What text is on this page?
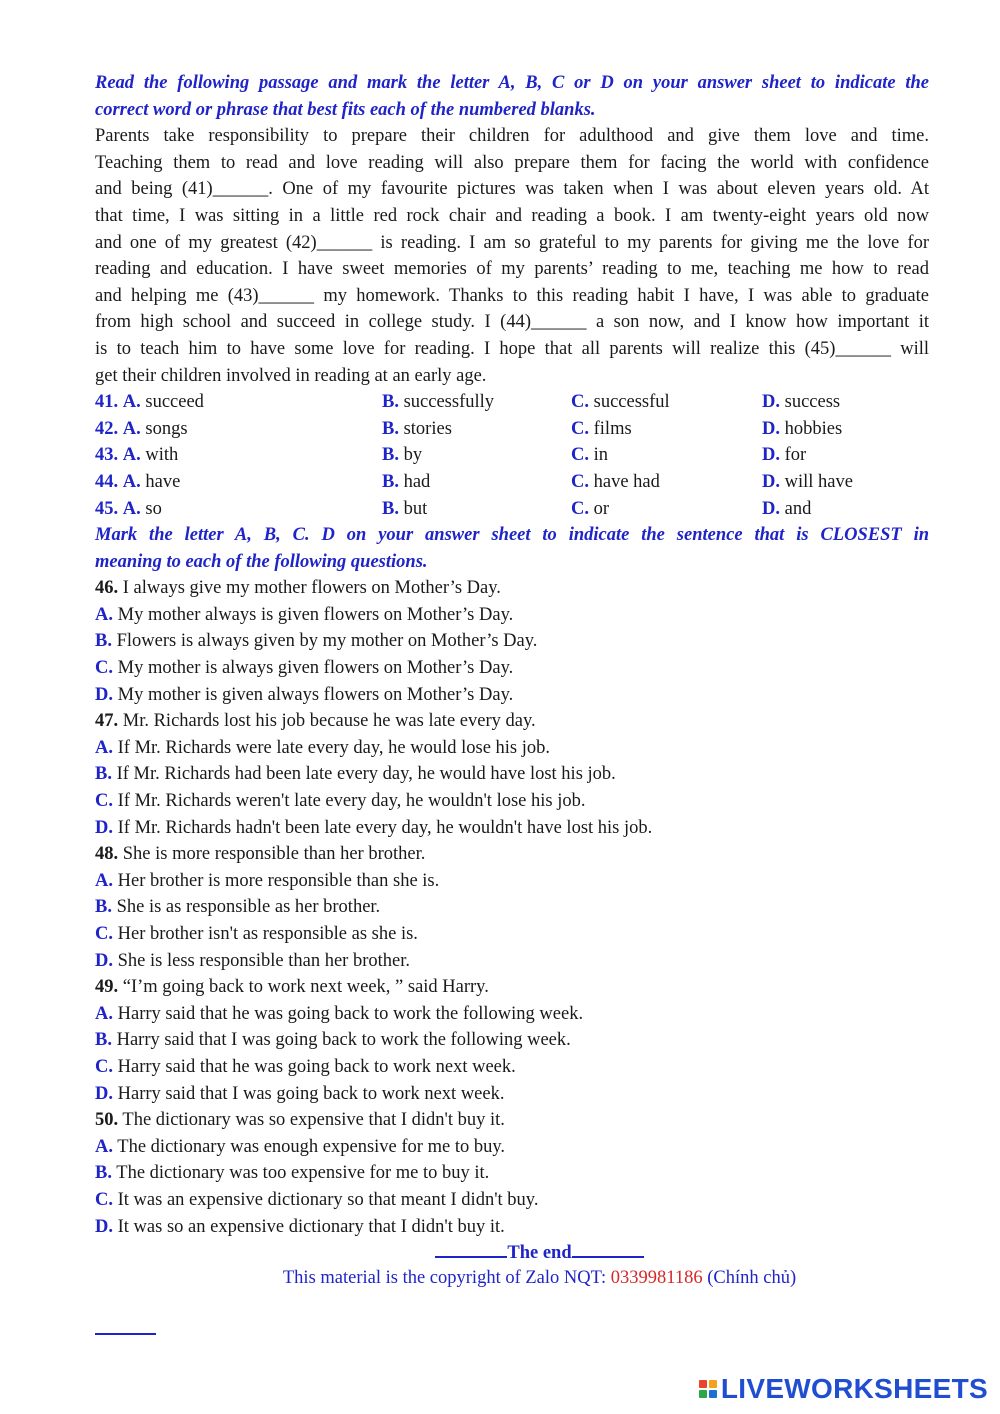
Read the following passage and mark the letter A, B, C or D on your answer sheet to indicate the
correct word or phrase that best fits each of the numbered blanks.
Parents take responsibility to prepare their children for adulthood and give them love and time.
Teaching them to read and love reading will also prepare them for facing the world with confidence
and being (41)______. One of my favourite pictures was taken when I was about eleven years old. At
that time, I was sitting in a little red rock chair and reading a book. I am twenty-eight years old now
and one of my greatest (42)______ is reading. I am so grateful to my parents for giving me the love for
reading and education. I have sweet memories of my parents’ reading to me, teaching me how to read
and helping me (43)______ my homework. Thanks to this reading habit I have, I was able to graduate
from high school and succeed in college study. I (44)______ a son now, and I know how important it
is to teach him to have some love for reading. I hope that all parents will realize this (45)______ will
get their children involved in reading at an early age.
41. A. succeed	B. successfully	C. successful	D. success
42. A. songs	B. stories	C. films	D. hobbies
43. A. with	B. by	C. in	D. for
44. A. have	B. had	C. have had	D. will have
45. A. so	B. but	C. or	D. and
Mark the letter A, B, C. D on your answer sheet to indicate the sentence that is CLOSEST in
meaning to each of the following questions.
46. I always give my mother flowers on Mother’s Day.
A. My mother always is given flowers on Mother’s Day.
B. Flowers is always given by my mother on Mother’s Day.
C. My mother is always given flowers on Mother’s Day.
D. My mother is given always flowers on Mother’s Day.
47. Mr. Richards lost his job because he was late every day.
A. If Mr. Richards were late every day, he would lose his job.
B. If Mr. Richards had been late every day, he would have lost his job.
C. If Mr. Richards weren't late every day, he wouldn't lose his job.
D. If Mr. Richards hadn't been late every day, he wouldn't have lost his job.
48. She is more responsible than her brother.
A. Her brother is more responsible than she is.
B. She is as responsible as her brother.
C. Her brother isn't as responsible as she is.
D. She is less responsible than her brother.
49. “I’m going back to work next week, ” said Harry.
A. Harry said that he was going back to work the following week.
B. Harry said that I was going back to work the following week.
C. Harry said that he was going back to work next week.
D. Harry said that I was going back to work next week.
50. The dictionary was so expensive that I didn't buy it.
A. The dictionary was enough expensive for me to buy.
B. The dictionary was too expensive for me to buy it.
C. It was an expensive dictionary so that meant I didn't buy.
D. It was so an expensive dictionary that I didn't buy it.
The end
This material is the copyright of Zalo NQT: 0339981186 (Chính chủ)
LIVEWORKSHEETS
